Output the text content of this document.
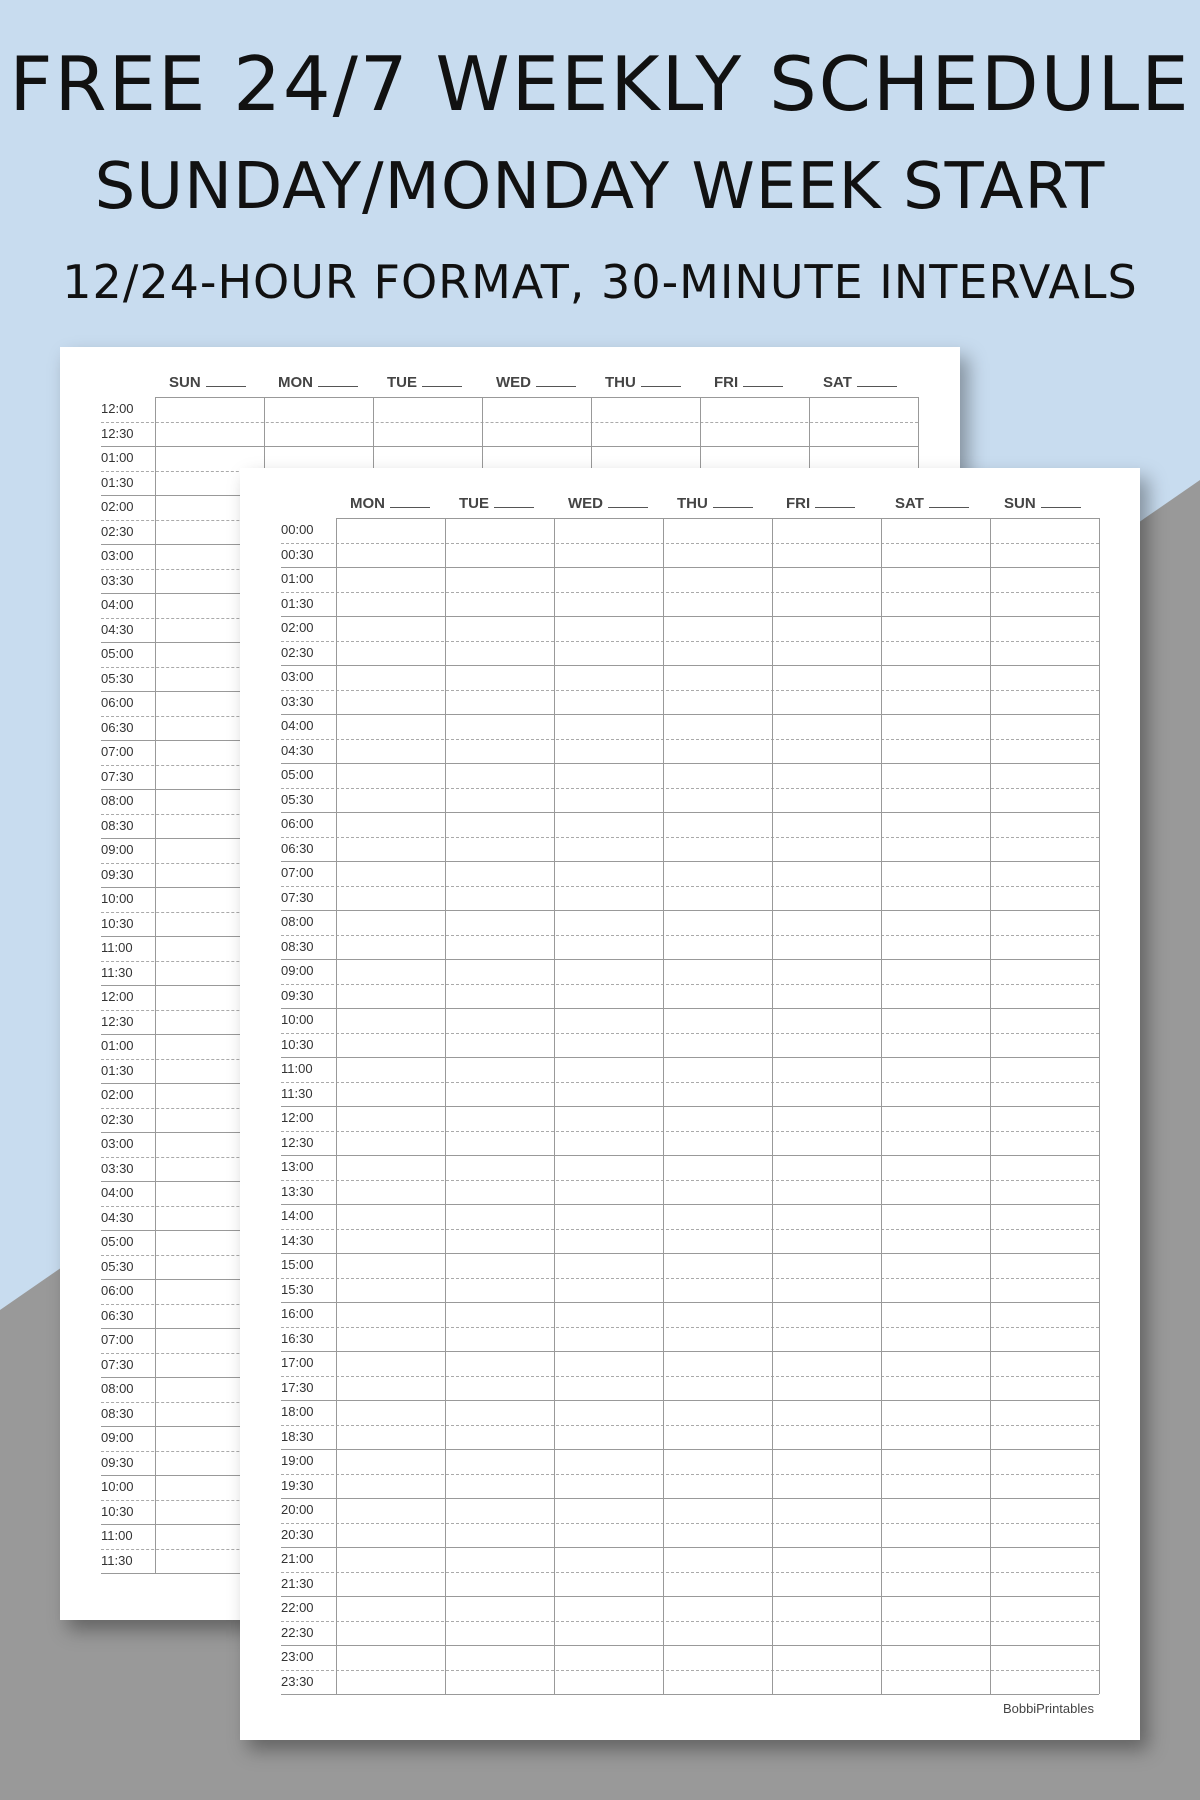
FREE 24/7 WEEKLY SCHEDULE
SUNDAY/MONDAY WEEK START
12/24-HOUR FORMAT, 30-MINUTE INTERVALS
SUN	MON	TUE	WED	THU	FRI	SAT
12:00
12:30
01:00
01:30
02:00
02:30
03:00
03:30
04:00
04:30
05:00
05:30
06:00
06:30
07:00
07:30
08:00
08:30
09:00
09:30
10:00
10:30
11:00
11:30
12:00
12:30
01:00
01:30
02:00
02:30
03:00
03:30
04:00
04:30
05:00
05:30
06:00
06:30
07:00
07:30
08:00
08:30
09:00
09:30
10:00
10:30
11:00
11:30
MON	TUE	WED	THU	FRI	SAT	SUN
00:00
00:30
01:00
01:30
02:00
02:30
03:00
03:30
04:00
04:30
05:00
05:30
06:00
06:30
07:00
07:30
08:00
08:30
09:00
09:30
10:00
10:30
11:00
11:30
12:00
12:30
13:00
13:30
14:00
14:30
15:00
15:30
16:00
16:30
17:00
17:30
18:00
18:30
19:00
19:30
20:00
20:30
21:00
21:30
22:00
22:30
23:00
23:30
BobbiPrintables
